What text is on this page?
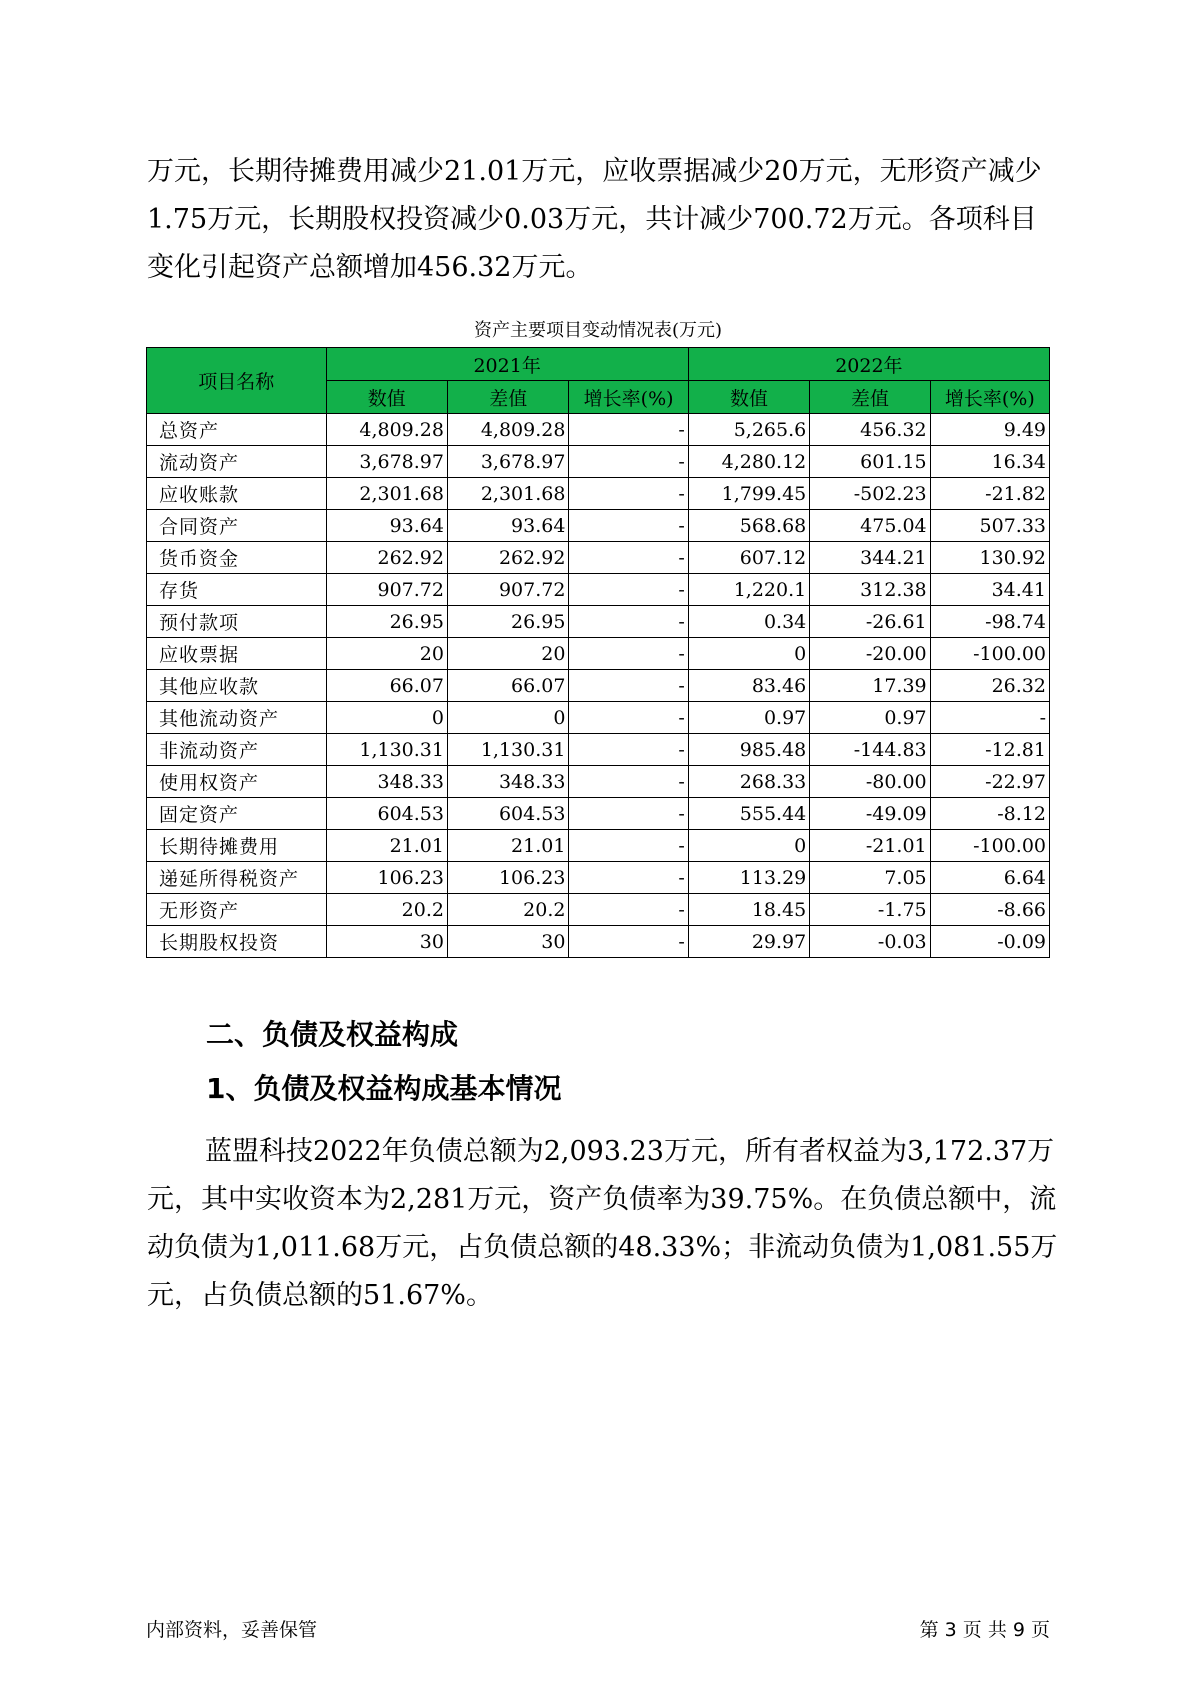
万元，长期待摊费用减少21.01万元，应收票据减少20万元，无形资产减少
1.75万元，长期股权投资减少0.03万元，共计减少700.72万元。各项科目
变化引起资产总额增加456.32万元。

资产主要项目变动情况表(万元)
项目名称	2021年			2022年		
	数值	差值	增长率(%)	数值	差值	增长率(%)
总资产	4,809.28	4,809.28	-	5,265.6	456.32	9.49
流动资产	3,678.97	3,678.97	-	4,280.12	601.15	16.34
应收账款	2,301.68	2,301.68	-	1,799.45	-502.23	-21.82
合同资产	93.64	93.64	-	568.68	475.04	507.33
货币资金	262.92	262.92	-	607.12	344.21	130.92
存货	907.72	907.72	-	1,220.1	312.38	34.41
预付款项	26.95	26.95	-	0.34	-26.61	-98.74
应收票据	20	20	-	0	-20.00	-100.00
其他应收款	66.07	66.07	-	83.46	17.39	26.32
其他流动资产	0	0	-	0.97	0.97	-
非流动资产	1,130.31	1,130.31	-	985.48	-144.83	-12.81
使用权资产	348.33	348.33	-	268.33	-80.00	-22.97
固定资产	604.53	604.53	-	555.44	-49.09	-8.12
长期待摊费用	21.01	21.01	-	0	-21.01	-100.00
递延所得税资产	106.23	106.23	-	113.29	7.05	6.64
无形资产	20.2	20.2	-	18.45	-1.75	-8.66
长期股权投资	30	30	-	29.97	-0.03	-0.09
二、负债及权益构成
1、负债及权益构成基本情况

蓝盟科技2022年负债总额为2,093.23万元，所有者权益为3,172.37万
元，其中实收资本为2,281万元，资产负债率为39.75%。在负债总额中，流
动负债为1,011.68万元，占负债总额的48.33%；非流动负债为1,081.55万
元，占负债总额的51.67%。

内部资料，妥善保管	第 3 页 共 9 页
